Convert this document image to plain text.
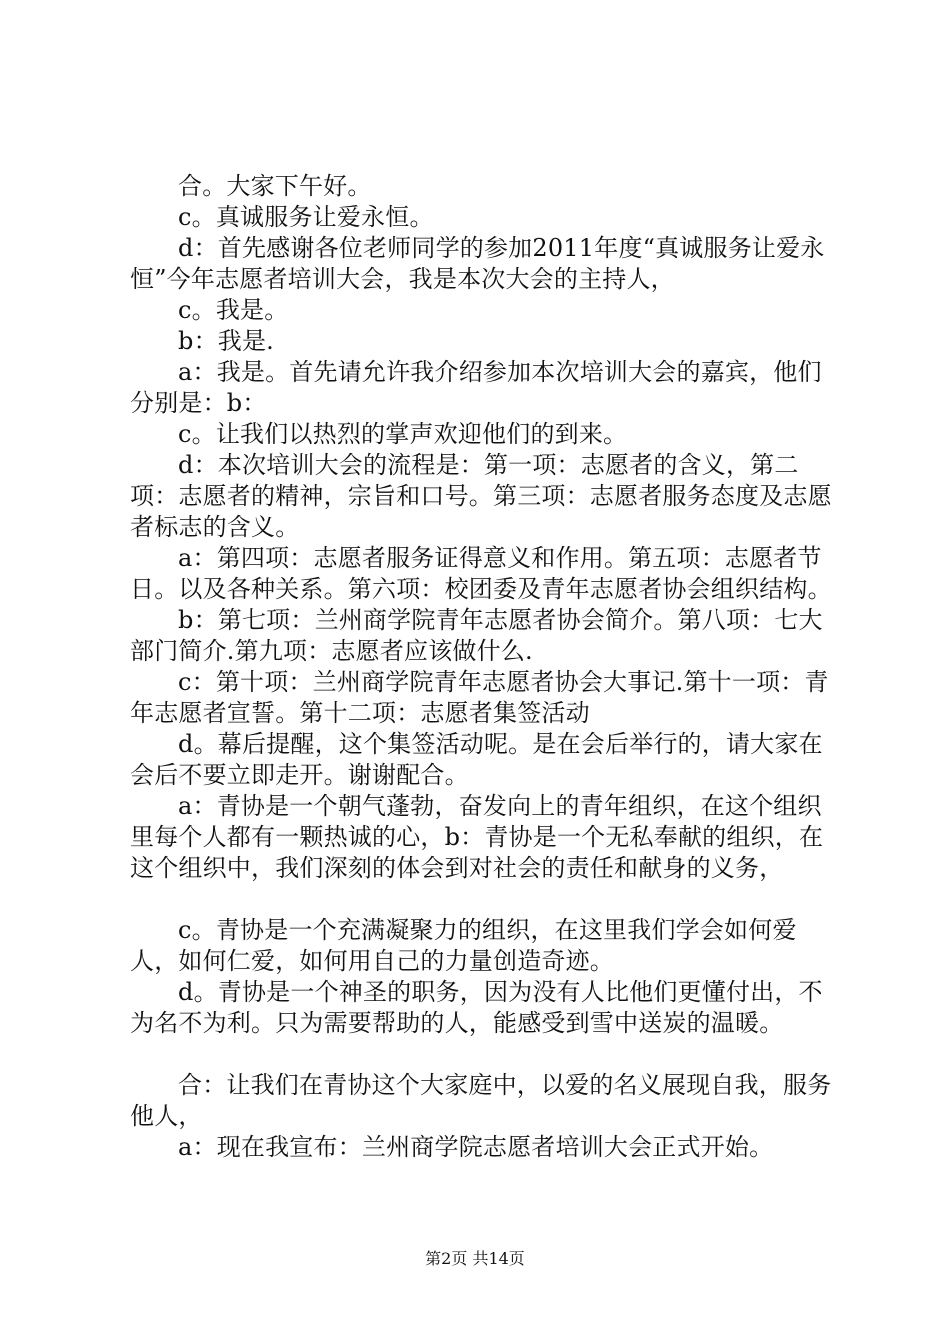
合。大家下午好。

c。真诚服务让爱永恒。

d：首先感谢各位老师同学的参加2011年度“真诚服务让爱永恒”今年志愿者培训大会，我是本次大会的主持人，

c。我是。

b：我是.

a：我是。首先请允许我介绍参加本次培训大会的嘉宾，他们分别是：b：

c。让我们以热烈的掌声欢迎他们的到来。

d：本次培训大会的流程是：第一项：志愿者的含义，第二项：志愿者的精神，宗旨和口号。第三项：志愿者服务态度及志愿者标志的含义。

a：第四项：志愿者服务证得意义和作用。第五项：志愿者节日。以及各种关系。第六项：校团委及青年志愿者协会组织结构。

b：第七项：兰州商学院青年志愿者协会简介。第八项：七大部门简介.第九项：志愿者应该做什么.

c：第十项：兰州商学院青年志愿者协会大事记.第十一项：青年志愿者宣誓。第十二项：志愿者集签活动

d。幕后提醒，这个集签活动呢。是在会后举行的，请大家在会后不要立即走开。谢谢配合。

a：青协是一个朝气蓬勃，奋发向上的青年组织，在这个组织里每个人都有一颗热诚的心，b：青协是一个无私奉献的组织，在这个组织中，我们深刻的体会到对社会的责任和献身的义务，

c。青协是一个充满凝聚力的组织，在这里我们学会如何爱人，如何仁爱，如何用自己的力量创造奇迹。

d。青协是一个神圣的职务，因为没有人比他们更懂付出，不为名不为利。只为需要帮助的人，能感受到雪中送炭的温暖。

合：让我们在青协这个大家庭中，以爱的名义展现自我，服务他人，

a：现在我宣布：兰州商学院志愿者培训大会正式开始。

第2页 共14页
